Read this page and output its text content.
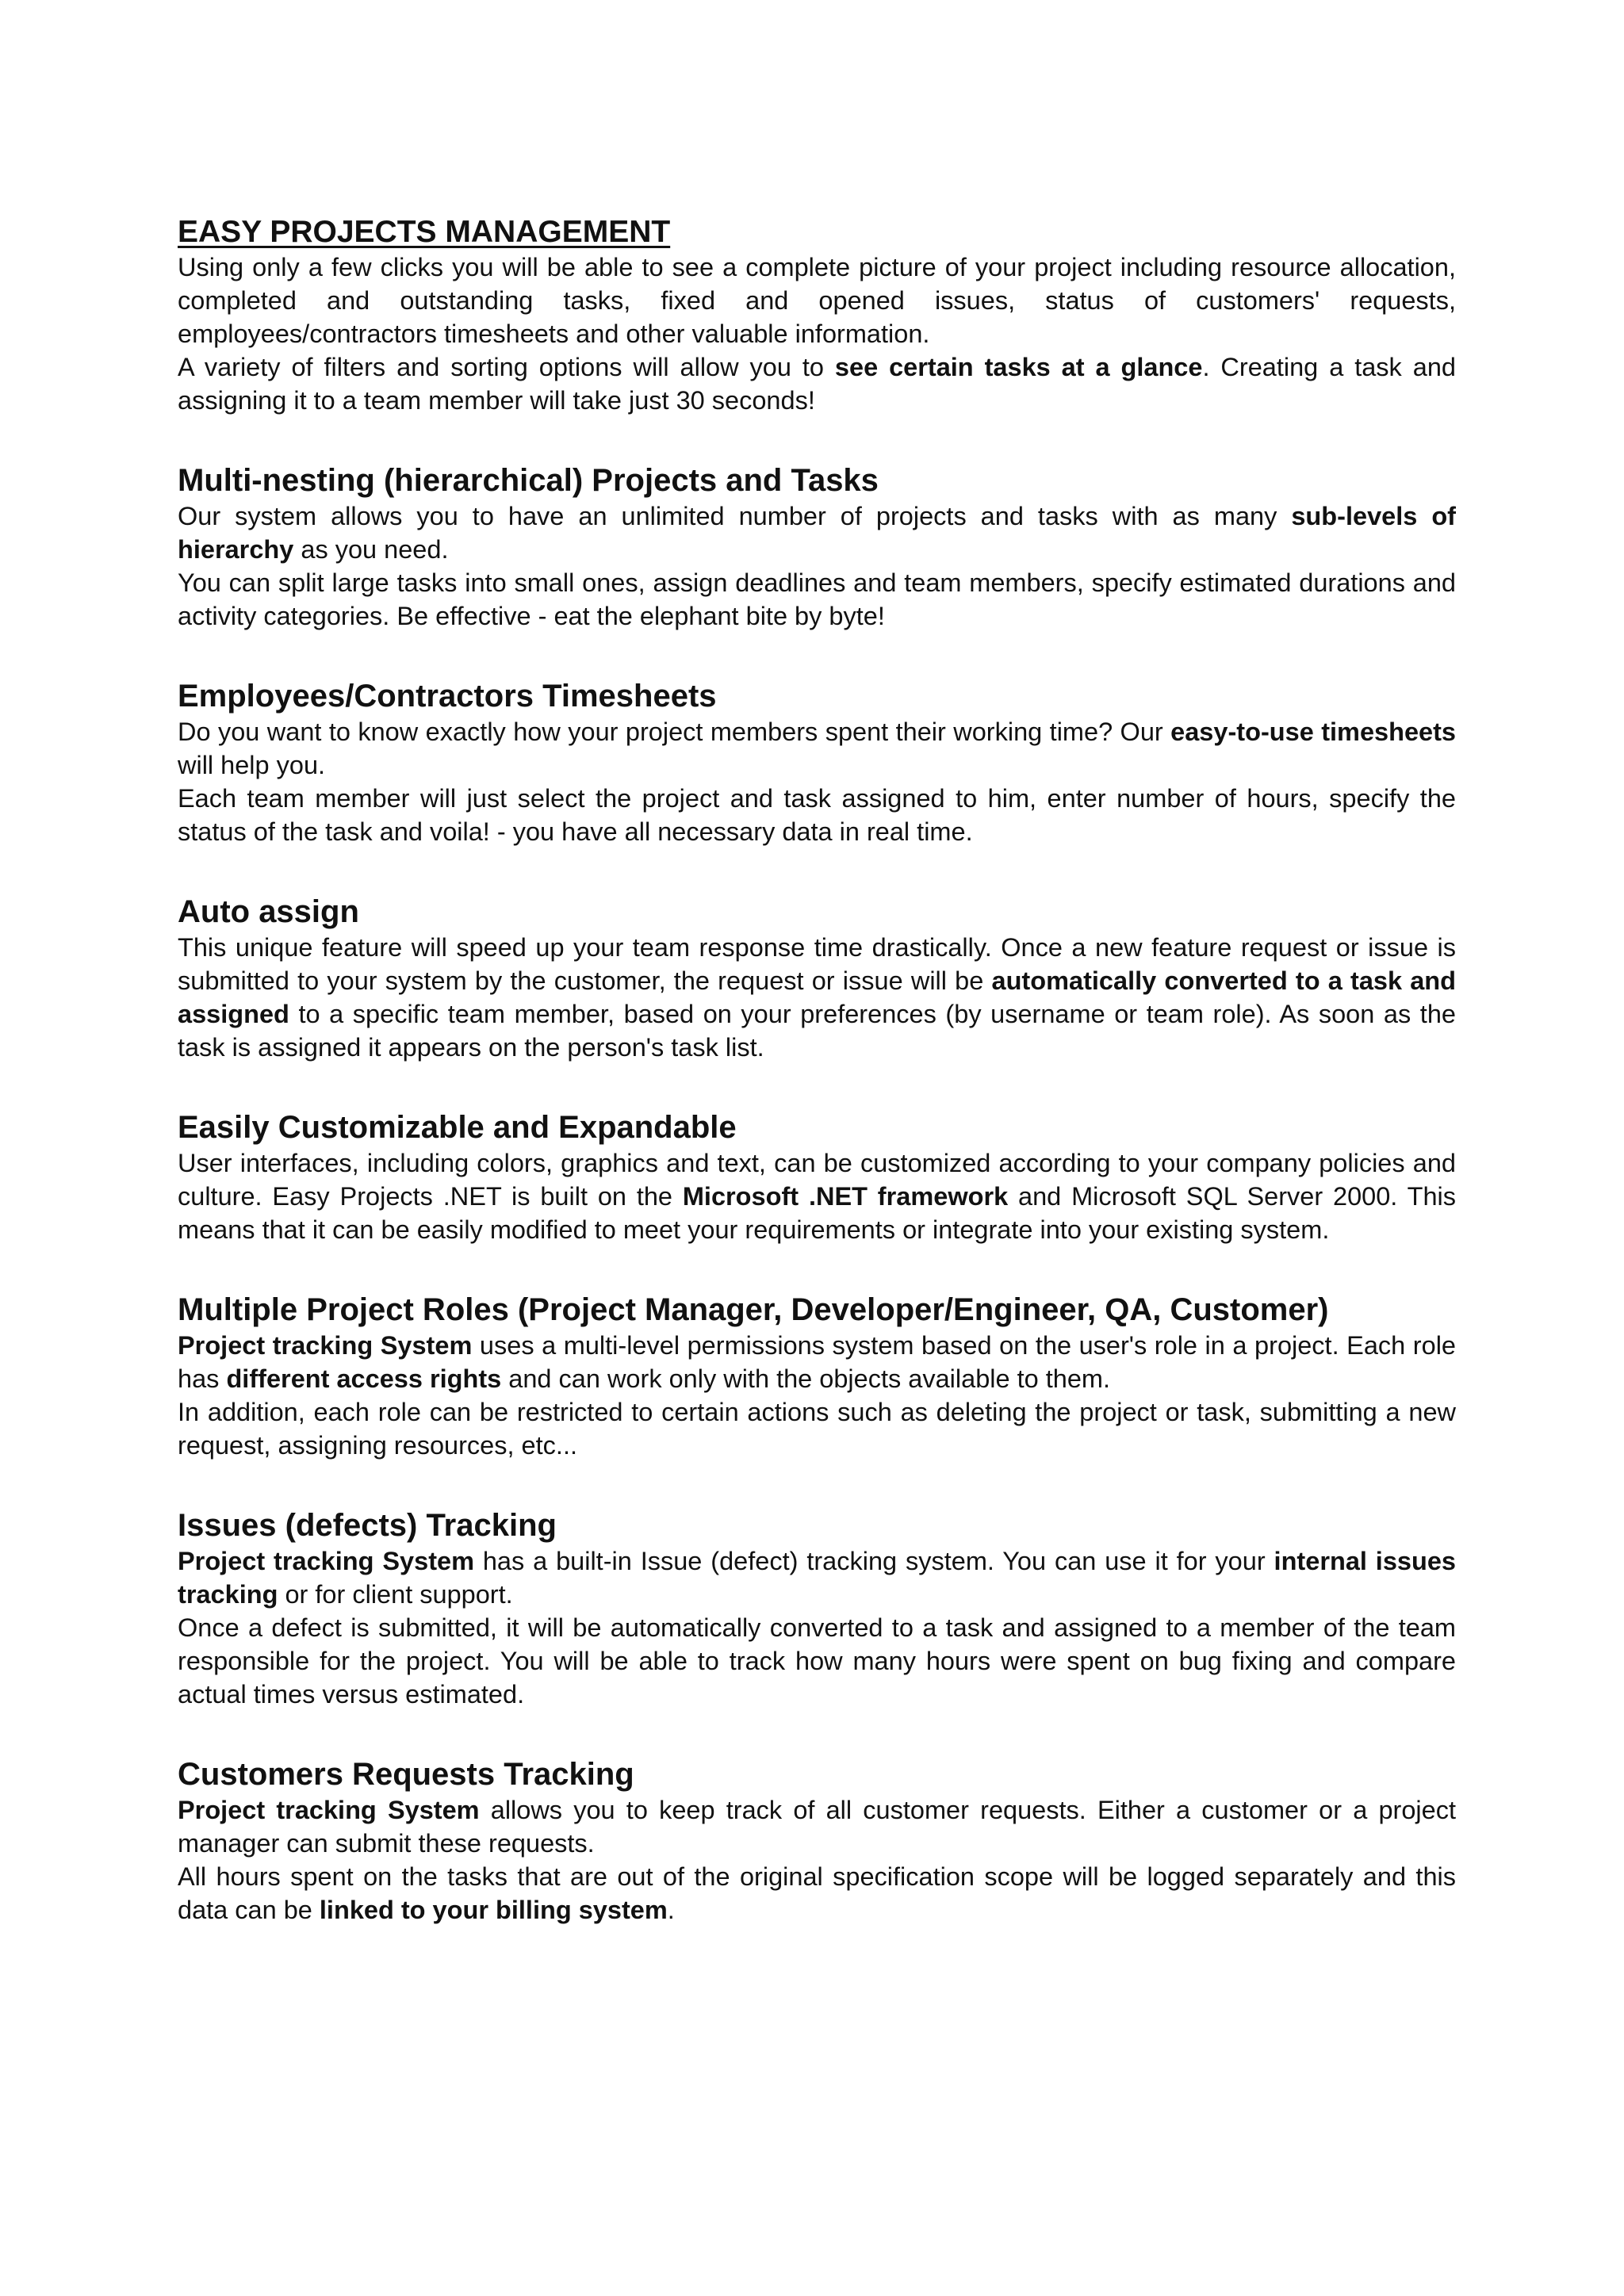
EASY PROJECTS MANAGEMENT

Using only a few clicks you will be able to see a complete picture of your project including resource allocation, completed and outstanding tasks, fixed and opened issues, status of customers' requests, employees/contractors timesheets and other valuable information.

A variety of filters and sorting options will allow you to see certain tasks at a glance. Creating a task and assigning it to a team member will take just 30 seconds!

Multi-nesting (hierarchical) Projects and Tasks

Our system allows you to have an unlimited number of projects and tasks with as many sub-levels of hierarchy as you need.

You can split large tasks into small ones, assign deadlines and team members, specify estimated durations and activity categories. Be effective - eat the elephant bite by byte!

Employees/Contractors Timesheets

Do you want to know exactly how your project members spent their working time? Our easy-to-use timesheets will help you.

Each team member will just select the project and task assigned to him, enter number of hours, specify the status of the task and voila! - you have all necessary data in real time.

Auto assign

This unique feature will speed up your team response time drastically. Once a new feature request or issue is submitted to your system by the customer, the request or issue will be automatically converted to a task and assigned to a specific team member, based on your preferences (by username or team role). As soon as the task is assigned it appears on the person's task list.

Easily Customizable and Expandable

User interfaces, including colors, graphics and text, can be customized according to your company policies and culture. Easy Projects .NET is built on the Microsoft .NET framework and Microsoft SQL Server 2000. This means that it can be easily modified to meet your requirements or integrate into your existing system.

Multiple Project Roles (Project Manager, Developer/Engineer, QA, Customer)

Project tracking System uses a multi-level permissions system based on the user's role in a project. Each role has different access rights and can work only with the objects available to them.

In addition, each role can be restricted to certain actions such as deleting the project or task, submitting a new request, assigning resources, etc...

Issues (defects) Tracking

Project tracking System has a built-in Issue (defect) tracking system. You can use it for your internal issues tracking or for client support.

Once a defect is submitted, it will be automatically converted to a task and assigned to a member of the team responsible for the project. You will be able to track how many hours were spent on bug fixing and compare actual times versus estimated.

Customers Requests Tracking

Project tracking System allows you to keep track of all customer requests. Either a customer or a project manager can submit these requests.

All hours spent on the tasks that are out of the original specification scope will be logged separately and this data can be linked to your billing system.
